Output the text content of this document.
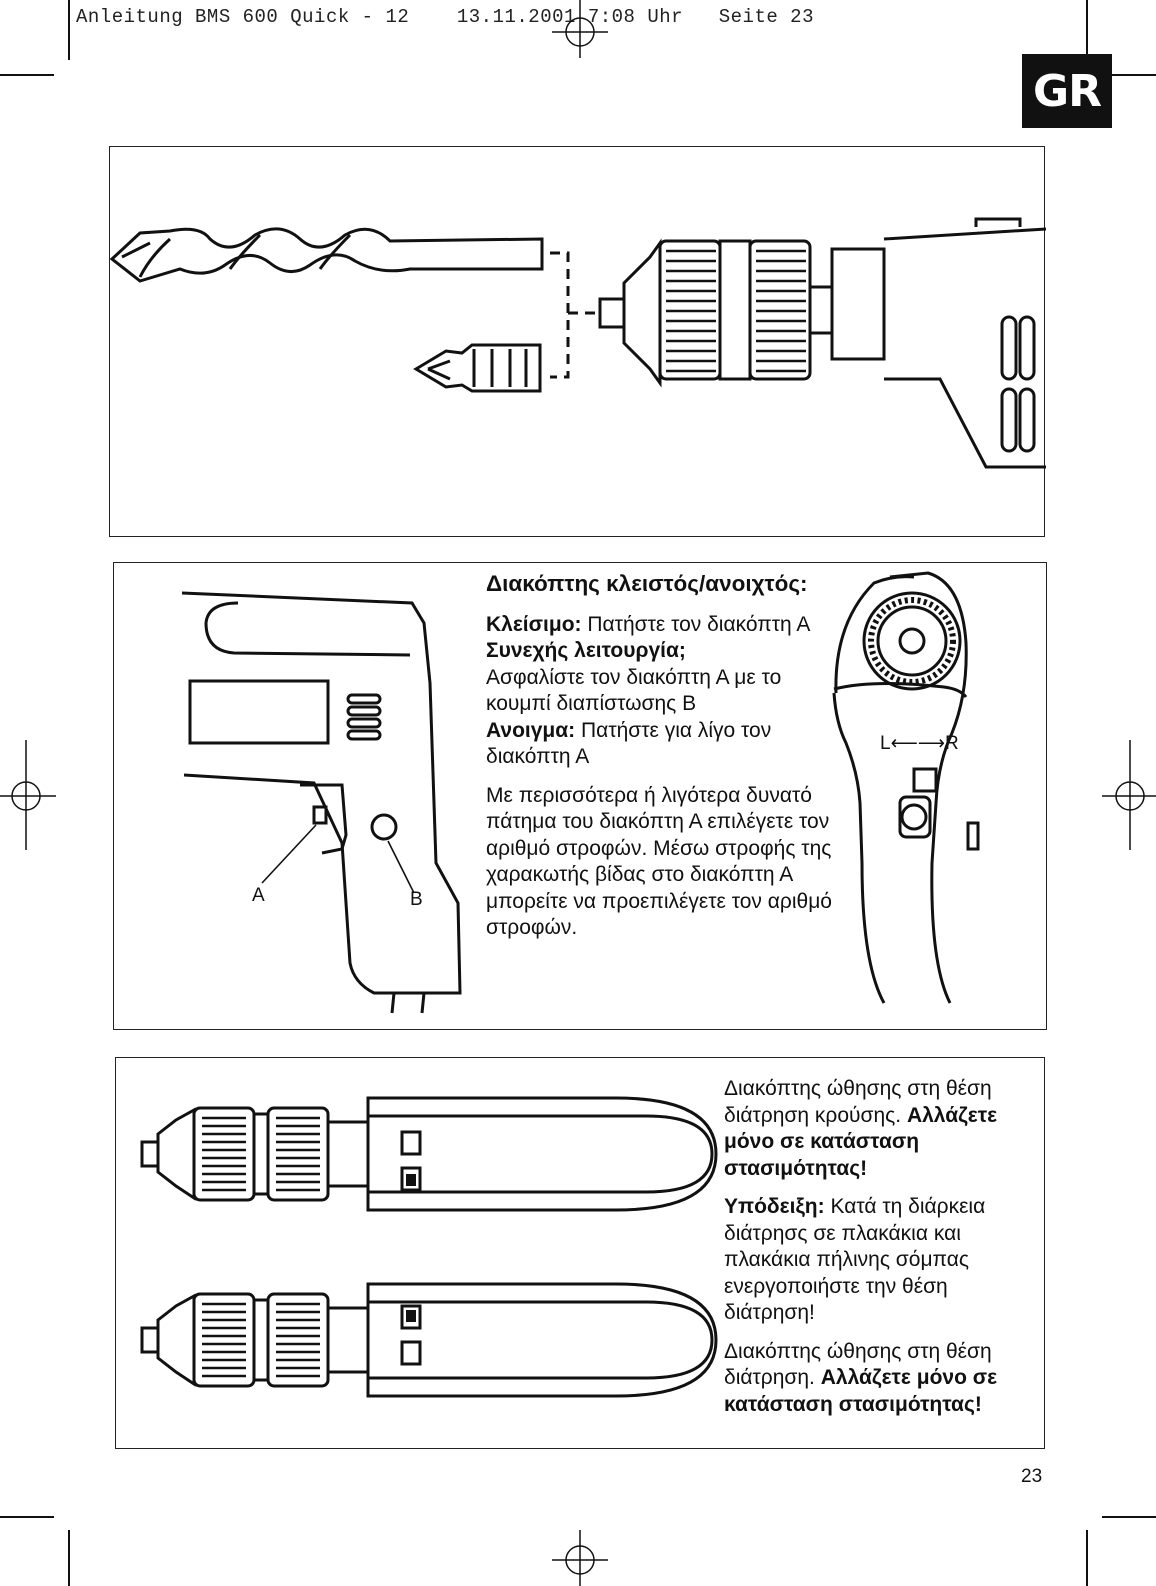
Anleitung BMS 600 Quick - 12	13.11.2001 7:08 Uhr Seite 23
GR
A	B
L⟵⟶R

Διακόπτης κλειστός/ανοιχτός:

Κλείσιμο: Πατήστε τον διακόπτη Α

Συνεχής λειτουργία;
Ασφαλίστε τον διακόπτη Α με το κουμπί διαπίστωσης Β

Ανοιγμα: Πατήστε για λίγο τον διακόπτη Α

Με περισσότερα ή λιγότερα δυνατό πάτημα του διακόπτη Α επιλέγετε τον αριθμό στροφών. Μέσω στροφής της χαρακωτής βίδας στο διακόπτη Α μπορείτε να προεπιλέγετε τον αριθμό στροφών.

Διακόπτης ώθησης στη θέση διάτρηση κρούσης. Αλλάζετε μόνο σε κατάσταση στασιμότητας!

Υπόδειξη: Κατά τη διάρκεια διάτρησς σε πλακάκια και πλακάκια πήλινης σόμπας ενεργοποιήστε την θέση διάτρηση!

Διακόπτης ώθησης στη θέση διάτρηση. Αλλάζετε μόνο σε κατάσταση στασιμότητας!

23
